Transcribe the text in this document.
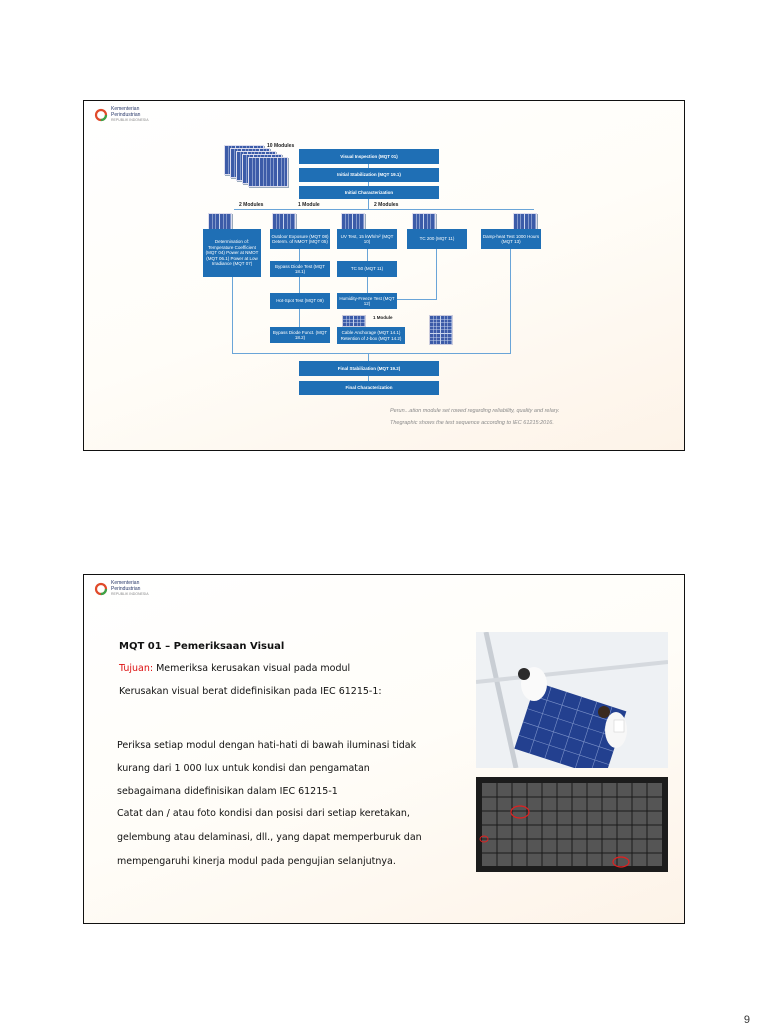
Kementerian
Perindustrian
REPUBLIK INDONESIA
10 Modules
Visual Inspection (MQT 01)
Initial Stabilization (MQT 19.1)
Initial Characterization
2 Modules	1 Module	2 Modules
Determination of: Temperature Coefficient (MQT 04) Power at NMOT (MQT 06.1) Power at Low Irradiance (MQT 07)
Outdoor Exposure (MQT 08) Determ. of NMOT (MQT 05)
UV Test, 15 kWh/m² (MQT 10)
TC 200 (MQT 11)
Damp-heat Test 1000 Hours (MQT 13)
Bypass Diode Test (MQT 18.1)
TC 50 (MQT 11)
Hot-Spot Test (MQT 09)
Humidity-Freeze Test (MQT 12)
1 Module
Bypass Diode Funct. (MQT 18.2)
Cable Anchorage (MQT 14.1) Retention of J-box (MQT 14.2)
Final Stabilization (MQT 19.2)
Final Characterization
Perun...ation module set rowed regarding reliability, quality and relary. Thegraphic shows the test sequence according to IEC 61215:2016.
Kementerian
Perindustrian
REPUBLIK INDONESIA
MQT 01 – Pemeriksaan Visual
Tujuan: Memeriksa kerusakan visual pada modul
Kerusakan visual berat didefinisikan pada IEC 61215-1:
Periksa setiap modul dengan hati-hati di bawah iluminasi tidak
kurang dari 1 000 lux untuk kondisi dan pengamatan
sebagaimana didefinisikan dalam IEC 61215-1
Catat dan / atau foto kondisi dan posisi dari setiap keretakan,
gelembung atau delaminasi, dll., yang dapat memperburuk dan
mempengaruhi kinerja modul pada pengujian selanjutnya.
9
